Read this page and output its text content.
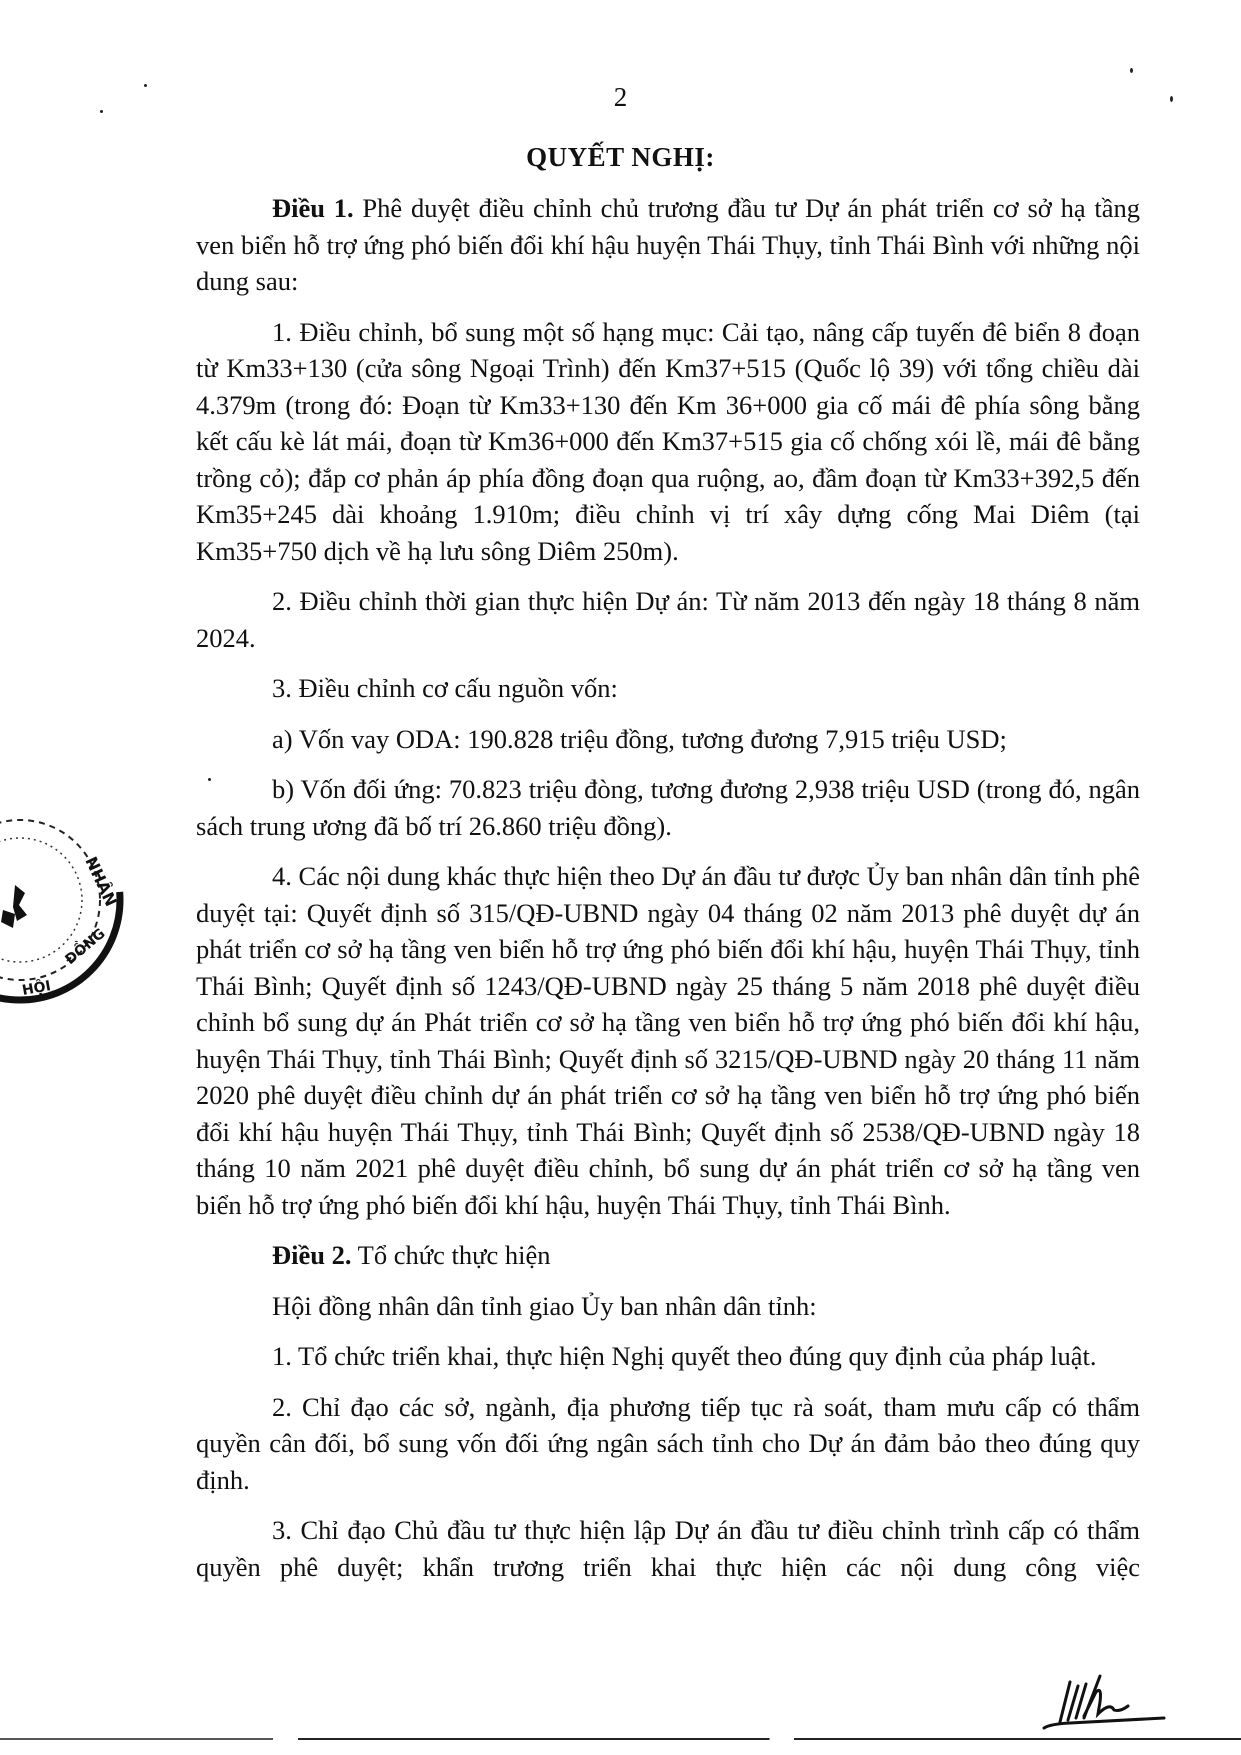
2
QUYẾT NGHỊ:

Điều 1. Phê duyệt điều chỉnh chủ trương đầu tư Dự án phát triển cơ sở hạ tầng ven biển hỗ trợ ứng phó biến đổi khí hậu huyện Thái Thụy, tỉnh Thái Bình với những nội dung sau:

1. Điều chỉnh, bổ sung một số hạng mục: Cải tạo, nâng cấp tuyến đê biển 8 đoạn từ Km33+130 (cửa sông Ngoại Trình) đến Km37+515 (Quốc lộ 39) với tổng chiều dài 4.379m (trong đó: Đoạn từ Km33+130 đến Km 36+000 gia cố mái đê phía sông bằng kết cấu kè lát mái, đoạn từ Km36+000 đến Km37+515 gia cố chống xói lề, mái đê bằng trồng cỏ); đắp cơ phản áp phía đồng đoạn qua ruộng, ao, đầm đoạn từ Km33+392,5 đến Km35+245 dài khoảng 1.910m; điều chỉnh vị trí xây dựng cống Mai Diêm (tại Km35+750 dịch về hạ lưu sông Diêm 250m).

2. Điều chỉnh thời gian thực hiện Dự án: Từ năm 2013 đến ngày 18 tháng 8 năm 2024.

3. Điều chỉnh cơ cấu nguồn vốn:

a) Vốn vay ODA: 190.828 triệu đồng, tương đương 7,915 triệu USD;

b) Vốn đối ứng: 70.823 triệu đòng, tương đương 2,938 triệu USD (trong đó, ngân sách trung ương đã bố trí 26.860 triệu đồng).

4. Các nội dung khác thực hiện theo Dự án đầu tư được Ủy ban nhân dân tỉnh phê duyệt tại: Quyết định số 315/QĐ-UBND ngày 04 tháng 02 năm 2013 phê duyệt dự án phát triển cơ sở hạ tầng ven biển hỗ trợ ứng phó biến đổi khí hậu, huyện Thái Thụy, tỉnh Thái Bình; Quyết định số 1243/QĐ-UBND ngày 25 tháng 5 năm 2018 phê duyệt điều chỉnh bổ sung dự án Phát triển cơ sở hạ tầng ven biển hỗ trợ ứng phó biến đổi khí hậu, huyện Thái Thụy, tỉnh Thái Bình; Quyết định số 3215/QĐ-UBND ngày 20 tháng 11 năm 2020 phê duyệt điều chỉnh dự án phát triển cơ sở hạ tầng ven biển hỗ trợ ứng phó biến đổi khí hậu huyện Thái Thụy, tỉnh Thái Bình; Quyết định số 2538/QĐ-UBND ngày 18 tháng 10 năm 2021 phê duyệt điều chỉnh, bổ sung dự án phát triển cơ sở hạ tầng ven biển hỗ trợ ứng phó biến đổi khí hậu, huyện Thái Thụy, tỉnh Thái Bình.

Điều 2. Tổ chức thực hiện

Hội đồng nhân dân tỉnh giao Ủy ban nhân dân tỉnh:

1. Tổ chức triển khai, thực hiện Nghị quyết theo đúng quy định của pháp luật.

2. Chỉ đạo các sở, ngành, địa phương tiếp tục rà soát, tham mưu cấp có thẩm quyền cân đối, bổ sung vốn đối ứng ngân sách tỉnh cho Dự án đảm bảo theo đúng quy định.

3. Chỉ đạo Chủ đầu tư thực hiện lập Dự án đầu tư điều chỉnh trình cấp có thẩm quyền phê duyệt; khẩn trương triển khai thực hiện các nội dung công việc

NHÂN
ĐỒNG
HỘI
